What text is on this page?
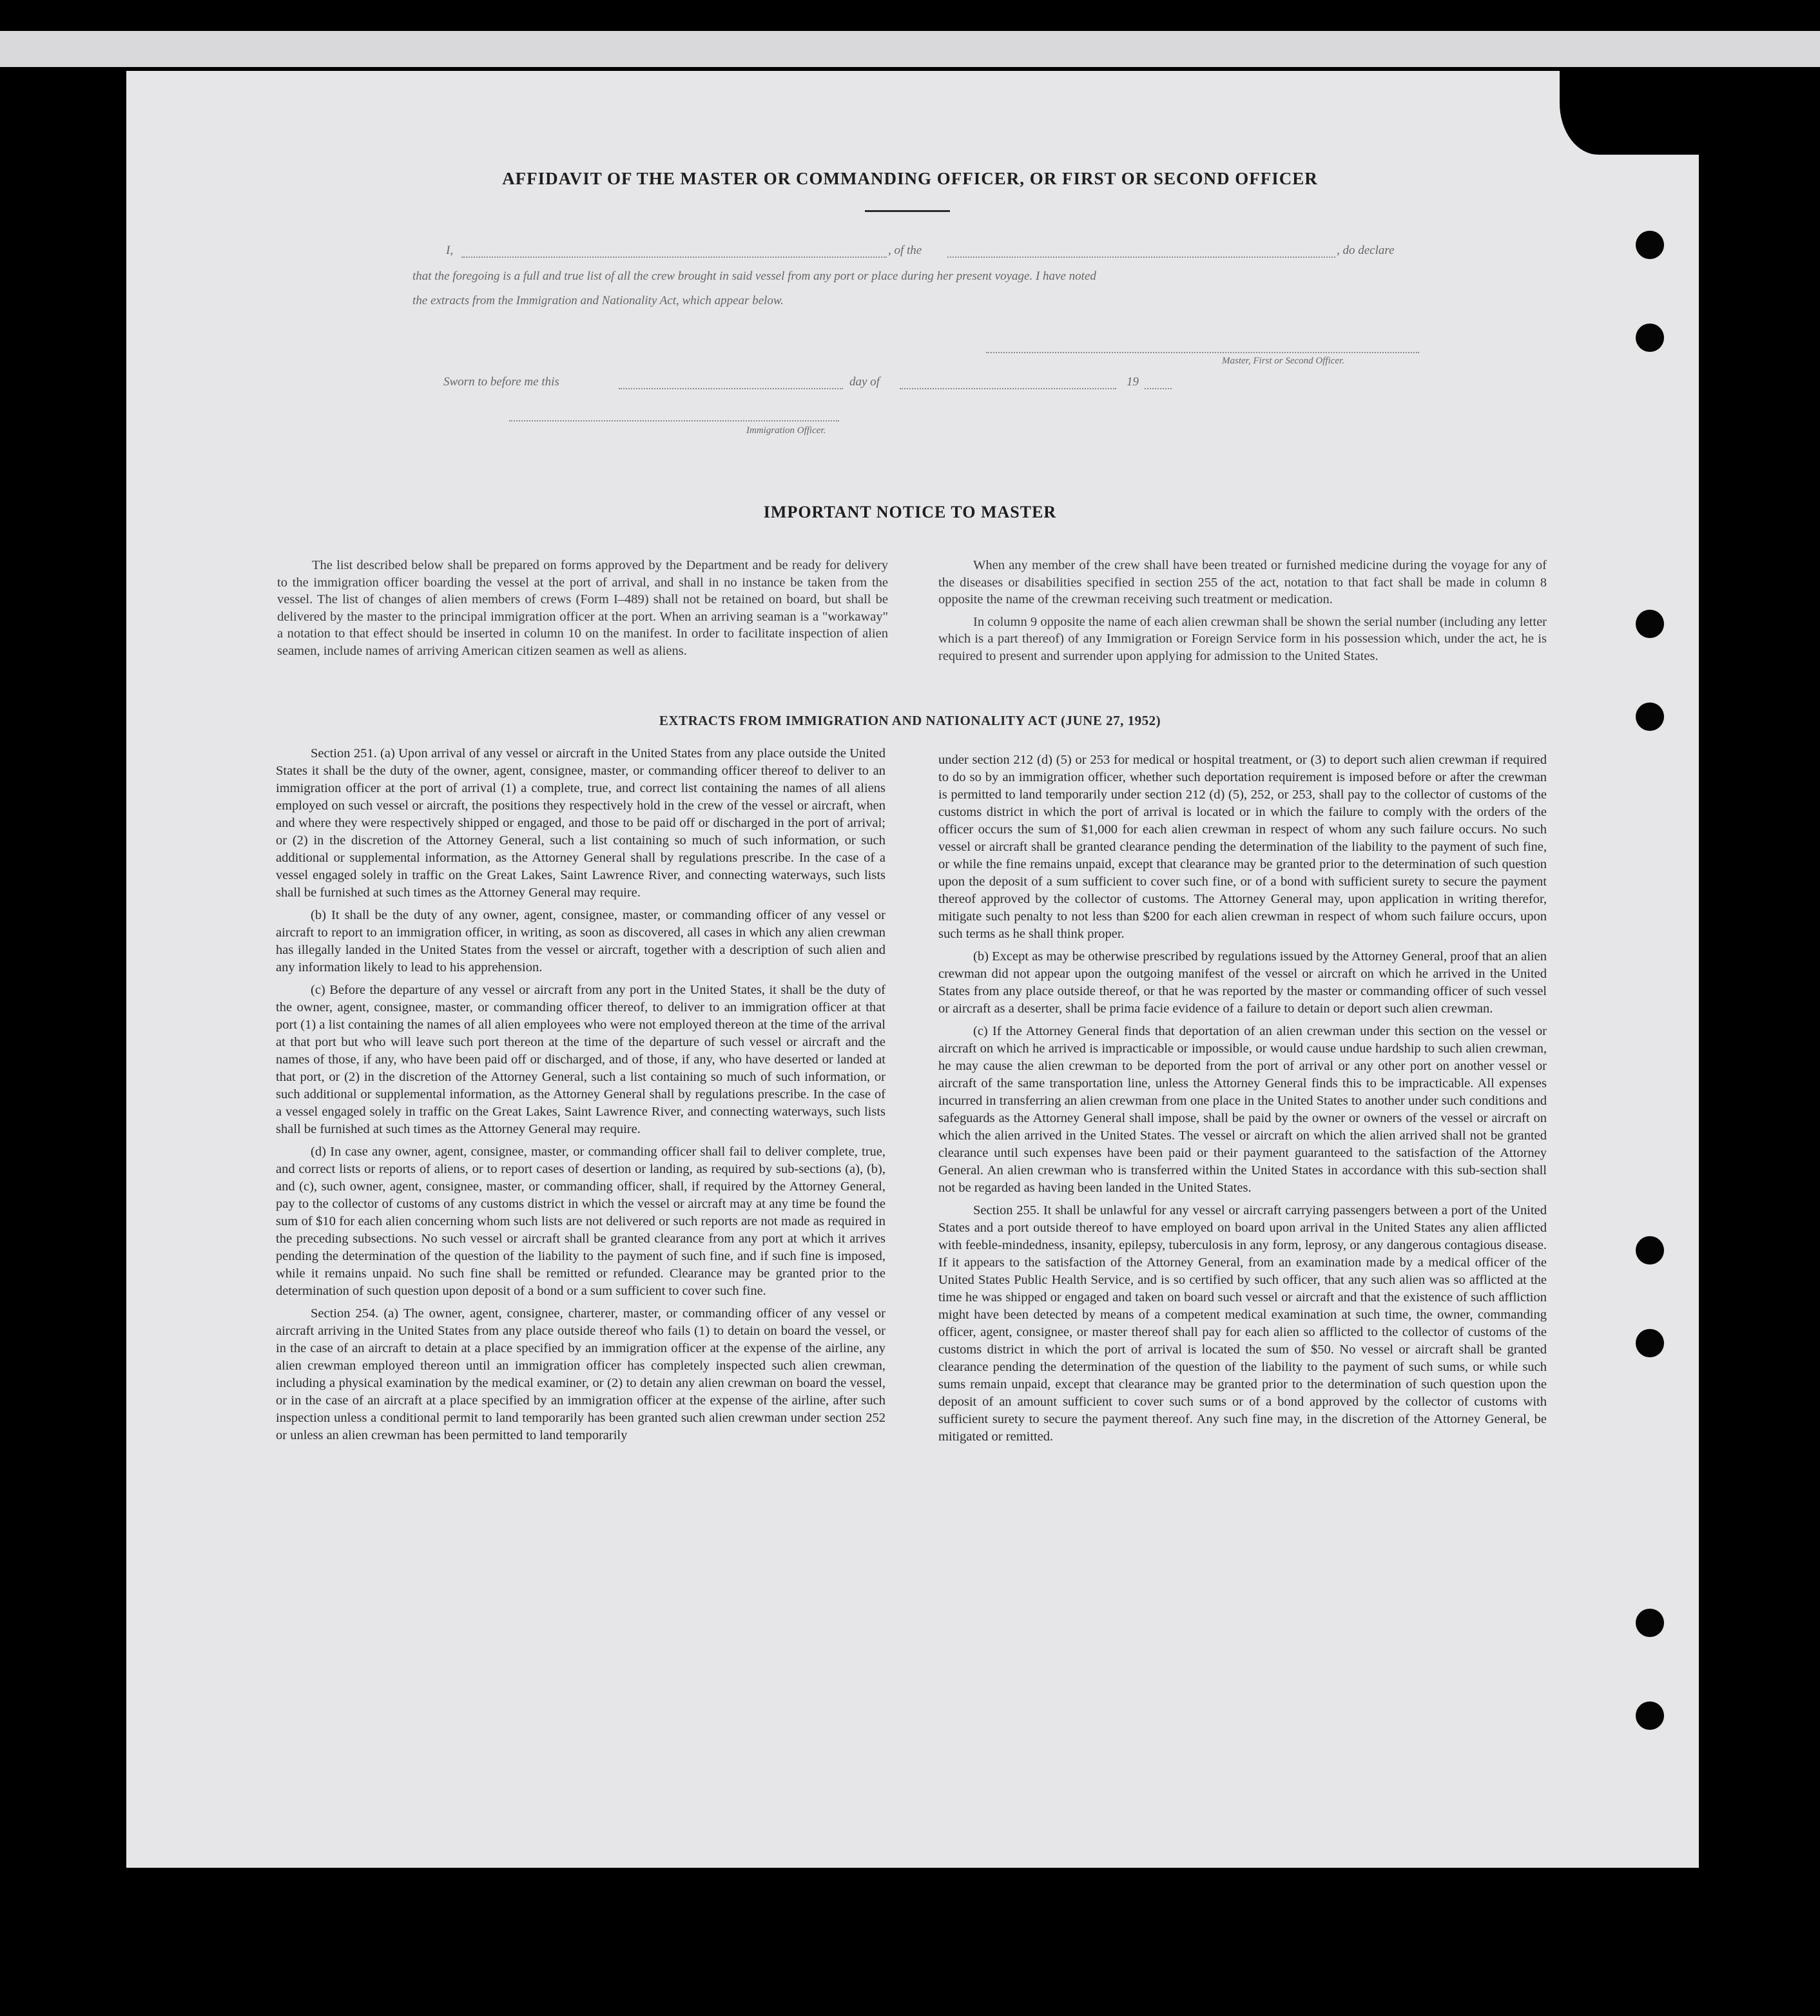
AFFIDAVIT OF THE MASTER OR COMMANDING OFFICER, OR FIRST OR SECOND OFFICER
I,	, of the	, do declare
that the foregoing is a full and true list of all the crew brought in said vessel from any port or place during her present voyage. I have noted
the extracts from the Immigration and Nationality Act, which appear below.
Master, First or Second Officer.
Sworn to before me this	day of	19
Immigration Officer.
IMPORTANT NOTICE TO MASTER

The list described below shall be prepared on forms approved by the Department and be ready for delivery to the immigration officer boarding the vessel at the port of arrival, and shall in no instance be taken from the vessel. The list of changes of alien members of crews (Form I–489) shall not be retained on board, but shall be delivered by the master to the principal immigration officer at the port. When an arriving seaman is a "workaway" a notation to that effect should be inserted in column 10 on the manifest. In order to facilitate inspection of alien seamen, include names of arriving American citizen seamen as well as aliens.

When any member of the crew shall have been treated or furnished medicine during the voyage for any of the diseases or disabilities specified in section 255 of the act, notation to that fact shall be made in column 8 opposite the name of the crewman receiving such treatment or medication.

In column 9 opposite the name of each alien crewman shall be shown the serial number (including any letter which is a part thereof) of any Immigration or Foreign Service form in his possession which, under the act, he is required to present and surrender upon applying for admission to the United States.

EXTRACTS FROM IMMIGRATION AND NATIONALITY ACT (JUNE 27, 1952)

Section 251. (a) Upon arrival of any vessel or aircraft in the United States from any place outside the United States it shall be the duty of the owner, agent, consignee, master, or commanding officer thereof to deliver to an immigration officer at the port of arrival (1) a complete, true, and correct list containing the names of all aliens employed on such vessel or aircraft, the positions they respectively hold in the crew of the vessel or aircraft, when and where they were respectively shipped or engaged, and those to be paid off or discharged in the port of arrival; or (2) in the discretion of the Attorney General, such a list containing so much of such information, or such additional or supplemental information, as the Attorney General shall by regulations prescribe. In the case of a vessel engaged solely in traffic on the Great Lakes, Saint Lawrence River, and connecting waterways, such lists shall be furnished at such times as the Attorney General may require.

(b) It shall be the duty of any owner, agent, consignee, master, or commanding officer of any vessel or aircraft to report to an immigration officer, in writing, as soon as discovered, all cases in which any alien crewman has illegally landed in the United States from the vessel or aircraft, together with a description of such alien and any information likely to lead to his apprehension.

(c) Before the departure of any vessel or aircraft from any port in the United States, it shall be the duty of the owner, agent, consignee, master, or commanding officer thereof, to deliver to an immigration officer at that port (1) a list containing the names of all alien employees who were not employed thereon at the time of the arrival at that port but who will leave such port thereon at the time of the departure of such vessel or aircraft and the names of those, if any, who have been paid off or discharged, and of those, if any, who have deserted or landed at that port, or (2) in the discretion of the Attorney General, such a list containing so much of such information, or such additional or supplemental information, as the Attorney General shall by regulations prescribe. In the case of a vessel engaged solely in traffic on the Great Lakes, Saint Lawrence River, and connecting waterways, such lists shall be furnished at such times as the Attorney General may require.

(d) In case any owner, agent, consignee, master, or commanding officer shall fail to deliver complete, true, and correct lists or reports of aliens, or to report cases of desertion or landing, as required by sub-sections (a), (b), and (c), such owner, agent, consignee, master, or commanding officer, shall, if required by the Attorney General, pay to the collector of customs of any customs district in which the vessel or aircraft may at any time be found the sum of $10 for each alien concerning whom such lists are not delivered or such reports are not made as required in the preceding subsections. No such vessel or aircraft shall be granted clearance from any port at which it arrives pending the determination of the question of the liability to the payment of such fine, and if such fine is imposed, while it remains unpaid. No such fine shall be remitted or refunded. Clearance may be granted prior to the determination of such question upon deposit of a bond or a sum sufficient to cover such fine.

Section 254. (a) The owner, agent, consignee, charterer, master, or commanding officer of any vessel or aircraft arriving in the United States from any place outside thereof who fails (1) to detain on board the vessel, or in the case of an aircraft to detain at a place specified by an immigration officer at the expense of the airline, any alien crewman employed thereon until an immigration officer has completely inspected such alien crewman, including a physical examination by the medical examiner, or (2) to detain any alien crewman on board the vessel, or in the case of an aircraft at a place specified by an immigration officer at the expense of the airline, after such inspection unless a conditional permit to land temporarily has been granted such alien crewman under section 252 or unless an alien crewman has been permitted to land temporarily

under section 212 (d) (5) or 253 for medical or hospital treatment, or (3) to deport such alien crewman if required to do so by an immigration officer, whether such deportation requirement is imposed before or after the crewman is permitted to land temporarily under section 212 (d) (5), 252, or 253, shall pay to the collector of customs of the customs district in which the port of arrival is located or in which the failure to comply with the orders of the officer occurs the sum of $1,000 for each alien crewman in respect of whom any such failure occurs. No such vessel or aircraft shall be granted clearance pending the determination of the liability to the payment of such fine, or while the fine remains unpaid, except that clearance may be granted prior to the determination of such question upon the deposit of a sum sufficient to cover such fine, or of a bond with sufficient surety to secure the payment thereof approved by the collector of customs. The Attorney General may, upon application in writing therefor, mitigate such penalty to not less than $200 for each alien crewman in respect of whom such failure occurs, upon such terms as he shall think proper.

(b) Except as may be otherwise prescribed by regulations issued by the Attorney General, proof that an alien crewman did not appear upon the outgoing manifest of the vessel or aircraft on which he arrived in the United States from any place outside thereof, or that he was reported by the master or commanding officer of such vessel or aircraft as a deserter, shall be prima facie evidence of a failure to detain or deport such alien crewman.

(c) If the Attorney General finds that deportation of an alien crewman under this section on the vessel or aircraft on which he arrived is impracticable or impossible, or would cause undue hardship to such alien crewman, he may cause the alien crewman to be deported from the port of arrival or any other port on another vessel or aircraft of the same transportation line, unless the Attorney General finds this to be impracticable. All expenses incurred in transferring an alien crewman from one place in the United States to another under such conditions and safeguards as the Attorney General shall impose, shall be paid by the owner or owners of the vessel or aircraft on which the alien arrived in the United States. The vessel or aircraft on which the alien arrived shall not be granted clearance until such expenses have been paid or their payment guaranteed to the satisfaction of the Attorney General. An alien crewman who is transferred within the United States in accordance with this sub-section shall not be regarded as having been landed in the United States.

Section 255. It shall be unlawful for any vessel or aircraft carrying passengers between a port of the United States and a port outside thereof to have employed on board upon arrival in the United States any alien afflicted with feeble-mindedness, insanity, epilepsy, tuberculosis in any form, leprosy, or any dangerous contagious disease. If it appears to the satisfaction of the Attorney General, from an examination made by a medical officer of the United States Public Health Service, and is so certified by such officer, that any such alien was so afflicted at the time he was shipped or engaged and taken on board such vessel or aircraft and that the existence of such affliction might have been detected by means of a competent medical examination at such time, the owner, commanding officer, agent, consignee, or master thereof shall pay for each alien so afflicted to the collector of customs of the customs district in which the port of arrival is located the sum of $50. No vessel or aircraft shall be granted clearance pending the determination of the question of the liability to the payment of such sums, or while such sums remain unpaid, except that clearance may be granted prior to the determination of such question upon the deposit of an amount sufficient to cover such sums or of a bond approved by the collector of customs with sufficient surety to secure the payment thereof. Any such fine may, in the discretion of the Attorney General, be mitigated or remitted.
